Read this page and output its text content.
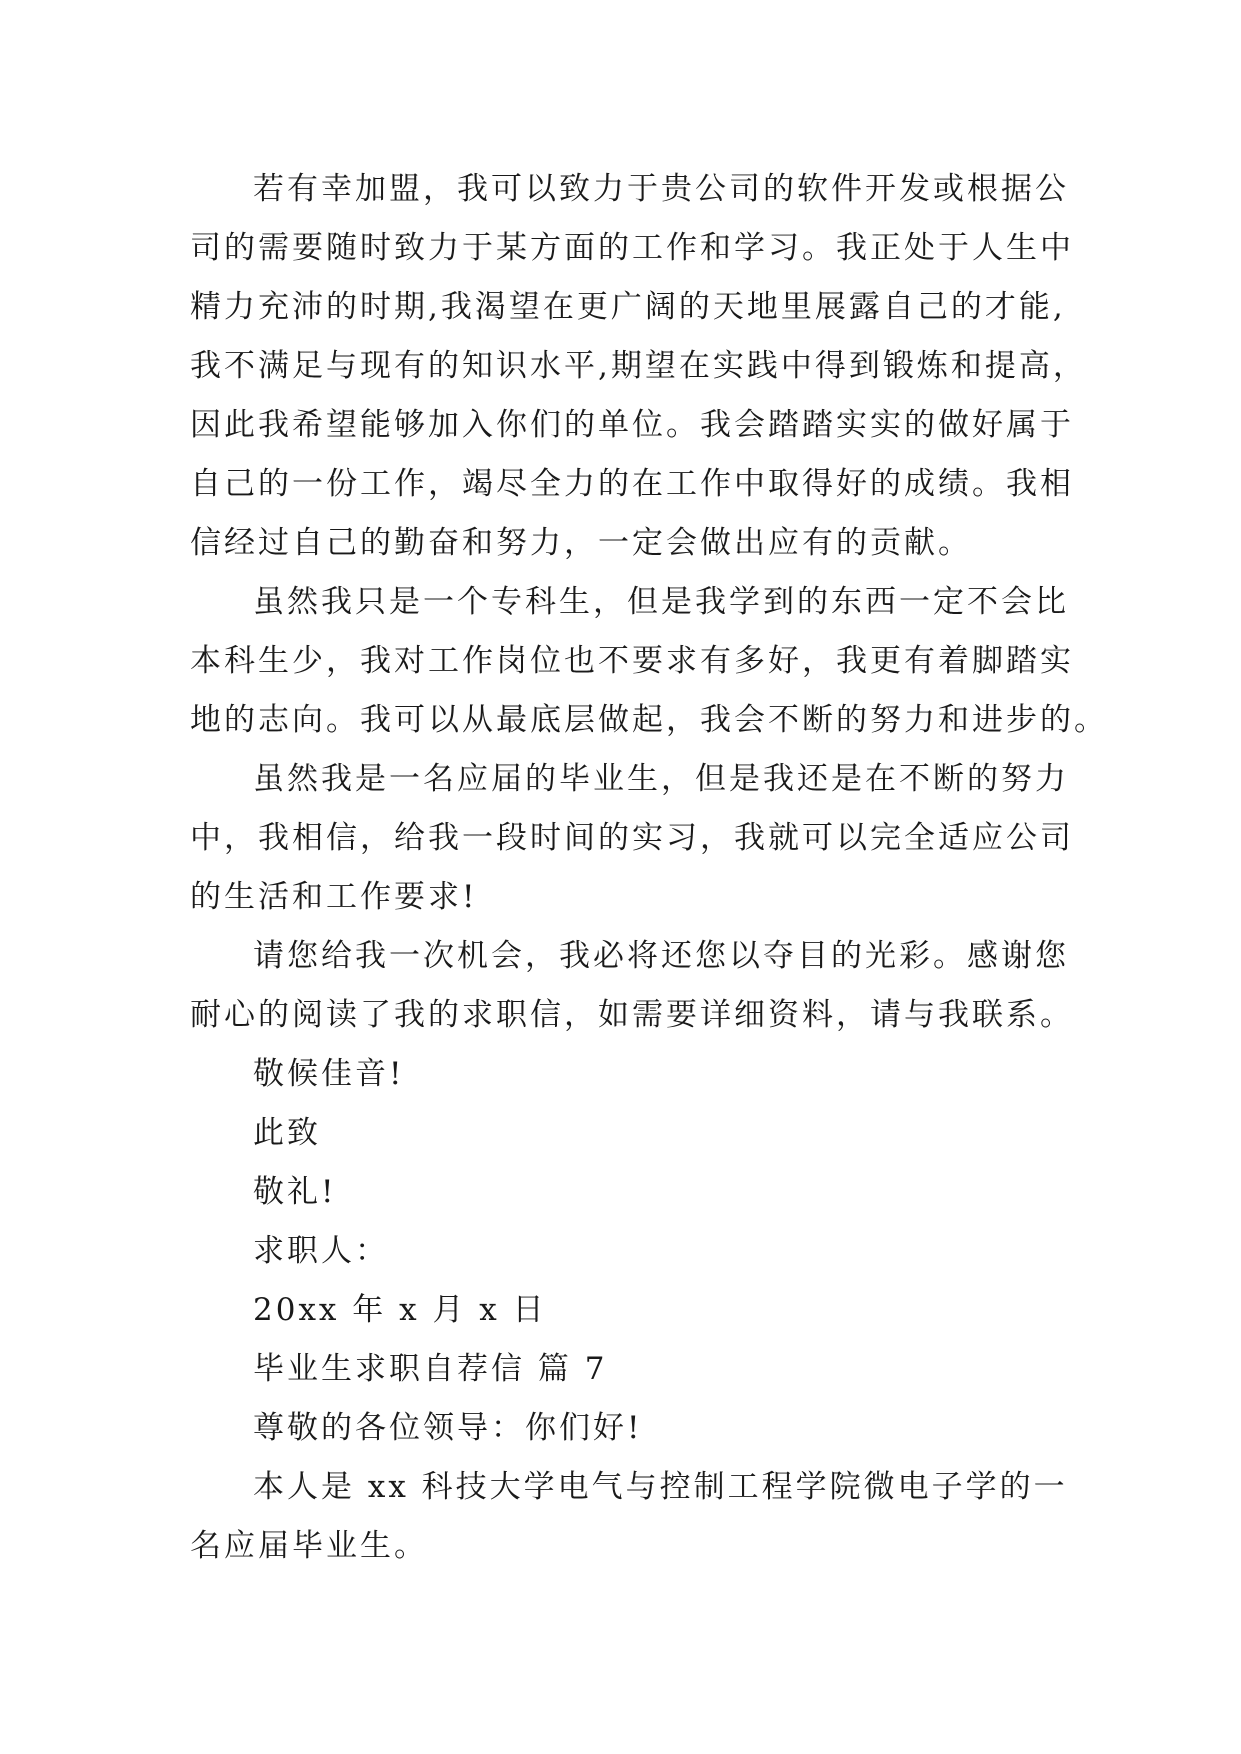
若有幸加盟，我可以致力于贵公司的软件开发或根据公
司的需要随时致力于某方面的工作和学习。我正处于人生中
精力充沛的时期,我渴望在更广阔的天地里展露自己的才能,
我不满足与现有的知识水平,期望在实践中得到锻炼和提高，
因此我希望能够加入你们的单位。我会踏踏实实的做好属于
自己的一份工作，竭尽全力的在工作中取得好的成绩。我相
信经过自己的勤奋和努力，一定会做出应有的贡献。
虽然我只是一个专科生，但是我学到的东西一定不会比
本科生少，我对工作岗位也不要求有多好，我更有着脚踏实
地的志向。我可以从最底层做起，我会不断的努力和进步的。
虽然我是一名应届的毕业生，但是我还是在不断的努力
中，我相信，给我一段时间的实习，我就可以完全适应公司
的生活和工作要求!
请您给我一次机会，我必将还您以夺目的光彩。感谢您
耐心的阅读了我的求职信，如需要详细资料，请与我联系。
敬候佳音!
此致
敬礼!
求职人：
20xx 年 x 月 x 日
毕业生求职自荐信 篇 7
尊敬的各位领导：你们好!
本人是 xx 科技大学电气与控制工程学院微电子学的一
名应届毕业生。
